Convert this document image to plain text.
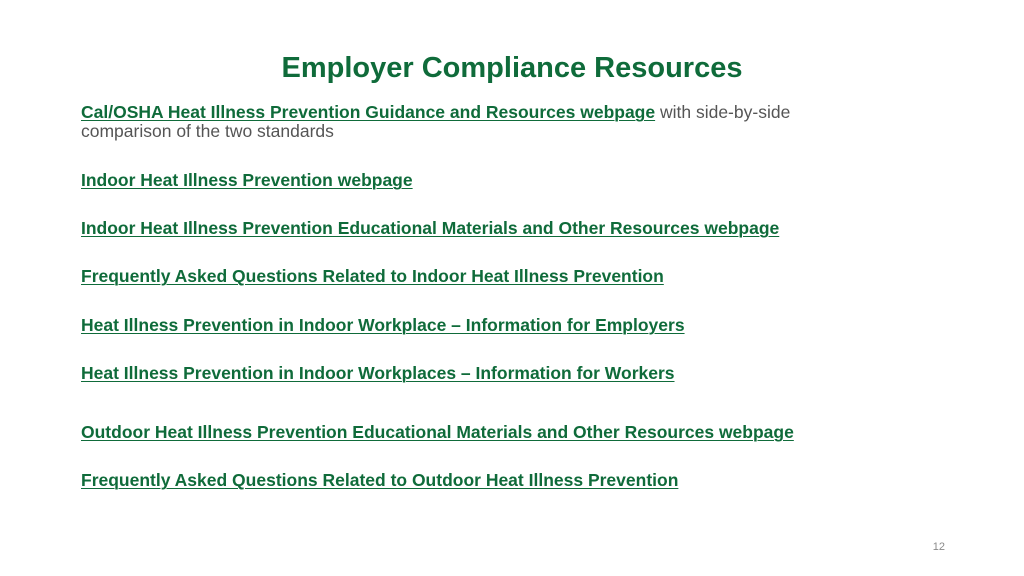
Employer Compliance Resources
Cal/OSHA Heat Illness Prevention Guidance and Resources webpage with side-by-side
comparison of the two standards
Indoor Heat Illness Prevention webpage
Indoor Heat Illness Prevention Educational Materials and Other Resources webpage
Frequently Asked Questions Related to Indoor Heat Illness Prevention
Heat Illness Prevention in Indoor Workplace – Information for Employers
Heat Illness Prevention in Indoor Workplaces – Information for Workers
Outdoor Heat Illness Prevention Educational Materials and Other Resources webpage
Frequently Asked Questions Related to Outdoor Heat Illness Prevention
12
